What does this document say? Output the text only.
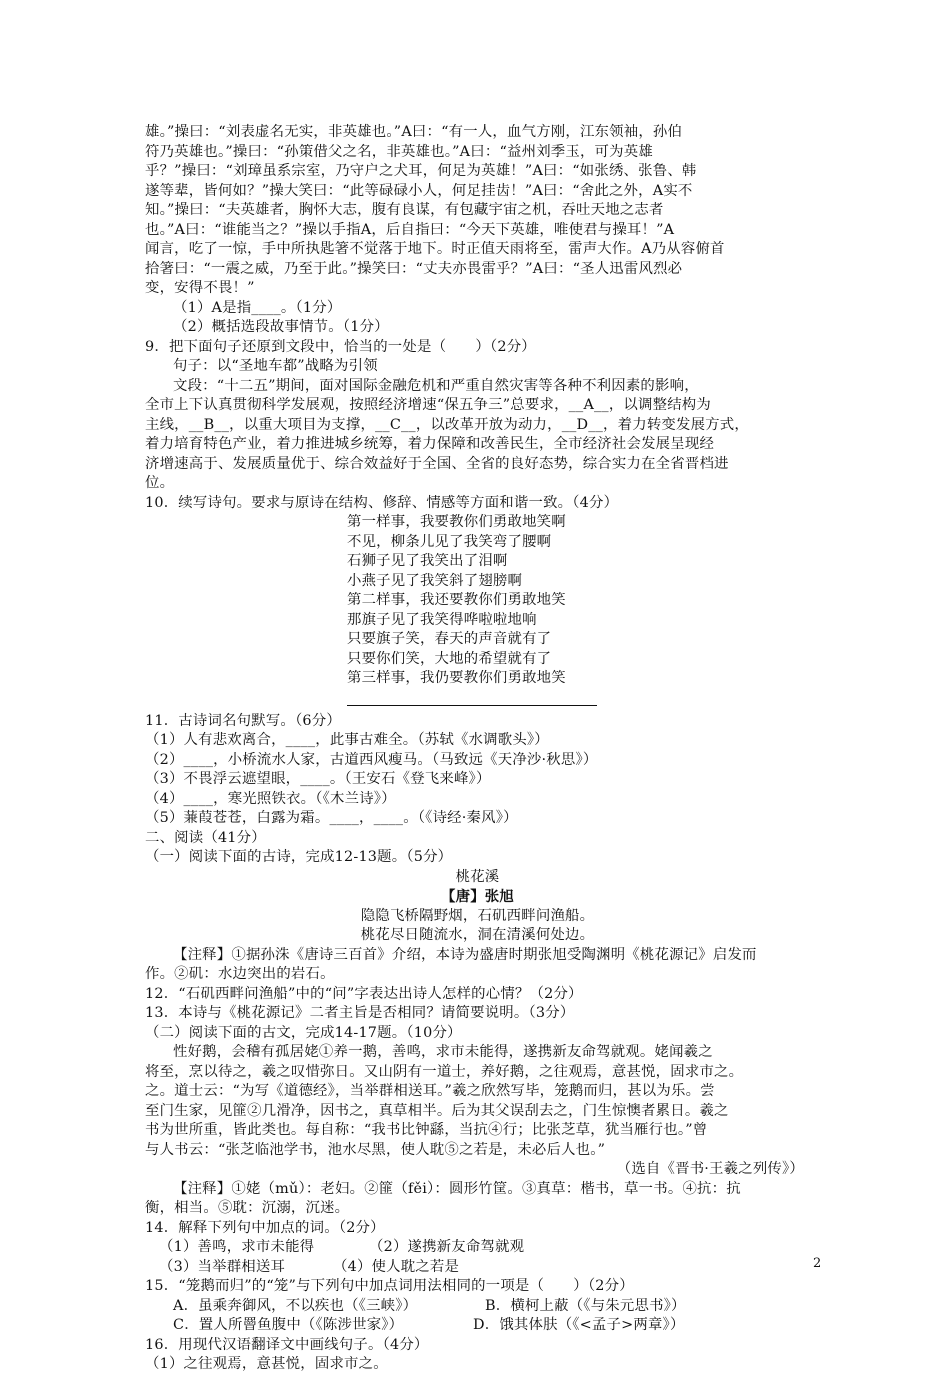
雄。”操曰：“刘表虚名无实，非英雄也。”A曰：“有一人，血气方刚，江东领袖，孙伯

符乃英雄也。”操曰：“孙策借父之名，非英雄也。”A曰：“益州刘季玉，可为英雄

乎？”操曰：“刘璋虽系宗室，乃守户之犬耳，何足为英雄！”A曰：“如张绣、张鲁、韩

遂等辈，皆何如？”操大笑曰：“此等碌碌小人，何足挂齿！”A曰：“舍此之外，A实不

知。”操曰：“夫英雄者，胸怀大志，腹有良谋，有包藏宇宙之机，吞吐天地之志者

也。”A曰：“谁能当之？”操以手指A，后自指曰：“今天下英雄，唯使君与操耳！”A

闻言，吃了一惊，手中所执匙箸不觉落于地下。时正值天雨将至，雷声大作。A乃从容俯首

拾箸曰：“一震之威，乃至于此。”操笑曰：“丈夫亦畏雷乎？”A曰：“圣人迅雷风烈必

变，安得不畏！”

（1）A是指____。（1分）

（2）概括选段故事情节。（1分）

9．把下面句子还原到文段中，恰当的一处是（　　）（2分）

句子：以“圣地车都”战略为引领

文段：“十二五”期间，面对国际金融危机和严重自然灾害等各种不利因素的影响，

全市上下认真贯彻科学发展观，按照经济增速“保五争三”总要求，__A__，以调整结构为

主线，__B__，以重大项目为支撑，__C__，以改革开放为动力，__D__，着力转变发展方式，

着力培育特色产业，着力推进城乡统筹，着力保障和改善民生，全市经济社会发展呈现经

济增速高于、发展质量优于、综合效益好于全国、全省的良好态势，综合实力在全省晋档进

位。

10．续写诗句。要求与原诗在结构、修辞、情感等方面和谐一致。（4分）

第一样事，我要教你们勇敢地笑啊

不见，柳条儿见了我笑弯了腰啊

石狮子见了我笑出了泪啊

小燕子见了我笑斜了翅膀啊

第二样事，我还要教你们勇敢地笑

那旗子见了我笑得哗啦啦地响

只要旗子笑，春天的声音就有了

只要你们笑，大地的希望就有了

第三样事，我仍要教你们勇敢地笑

11．古诗词名句默写。（6分）

（1）人有悲欢离合，____，此事古难全。（苏轼《水调歌头》）

（2）____，小桥流水人家，古道西风瘦马。（马致远《天净沙·秋思》）

（3）不畏浮云遮望眼，____。（王安石《登飞来峰》）

（4）____，寒光照铁衣。（《木兰诗》）

（5）蒹葭苍苍，白露为霜。____，____。（《诗经·秦风》）

二、阅读（41分）

（一）阅读下面的古诗，完成12-13题。（5分）

桃花溪

【唐】张旭

隐隐飞桥隔野烟，石矶西畔问渔船。

桃花尽日随流水，洞在清溪何处边。

【注释】①据孙洙《唐诗三百首》介绍，本诗为盛唐时期张旭受陶渊明《桃花源记》启发而

作。②矶：水边突出的岩石。

12．“石矶西畔问渔船”中的“问”字表达出诗人怎样的心情？（2分）

13．本诗与《桃花源记》二者主旨是否相同？请简要说明。（3分）

（二）阅读下面的古文，完成14-17题。（10分）

性好鹅，会稽有孤居姥①养一鹅，善鸣，求市未能得，遂携新友命驾就观。姥闻羲之

将至，烹以待之，羲之叹惜弥日。又山阴有一道士，养好鹅，之往观焉，意甚悦，固求市之。

之。道士云：“为写《道德经》，当举群相送耳。”羲之欣然写毕，笼鹅而归，甚以为乐。尝

至门生家，见篚②几滑净，因书之，真草相半。后为其父误刮去之，门生惊懊者累日。羲之

书为世所重，皆此类也。每自称：“我书比钟繇，当抗④行；比张芝草，犹当雁行也。”曾

与人书云：“张芝临池学书，池水尽黑，使人耽⑤之若是，未必后人也。”

（选自《晋书·王羲之列传》）

【注释】①姥（mǔ）：老妇。②篚（fěi）：圆形竹筐。③真草：楷书，草一书。④抗：抗

衡，相当。⑤耽：沉溺，沉迷。

14．解释下列句中加点的词。（2分）

（1）善鸣，求市未能得	（2）遂携新友命驾就观

（3）当举群相送耳	（4）使人耽之若是

15．“笼鹅而归”的“笼”与下列句中加点词用法相同的一项是（　　）（2分）

A．虽乘奔御风，不以疾也（《三峡》）	B．横柯上蔽（《与朱元思书》）

C．置人所罾鱼腹中（《陈涉世家》）	D．饿其体肤（《<孟子>两章》）

16．用现代汉语翻译文中画线句子。（4分）

（1）之往观焉，意甚悦，固求市之。

2
